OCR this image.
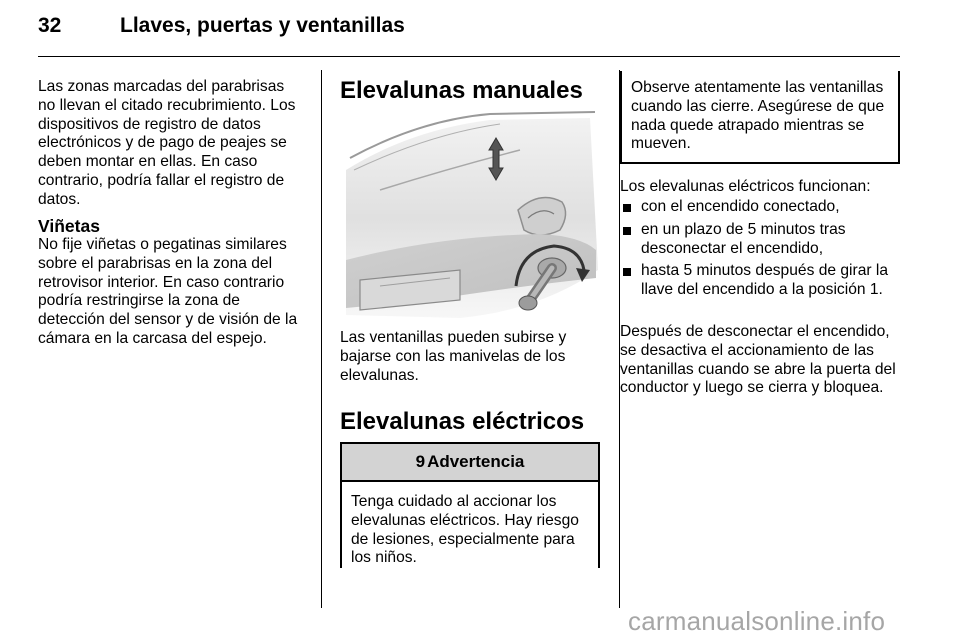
32	Llaves, puertas y ventanillas
Las zonas marcadas del parabrisas no llevan el citado recubrimiento. Los dispositivos de registro de datos electrónicos y de pago de peajes se deben montar en ellas. En caso contrario, podría fallar el registro de datos.
Viñetas
No fije viñetas o pegatinas similares sobre el parabrisas en la zona del retrovisor interior. En caso contrario podría restringirse la zona de detección del sensor y de visión de la cámara en la carcasa del espejo.
Elevalunas manuales
Las ventanillas pueden subirse y bajarse con las manivelas de los elevalunas.
Elevalunas eléctricos
9 Advertencia
Tenga cuidado al accionar los elevalunas eléctricos. Hay riesgo de lesiones, especialmente para los niños.
Observe atentamente las ventanillas cuando las cierre. Asegúrese de que nada quede atrapado mientras se mueven.
Los elevalunas eléctricos funcionan:
con el encendido conectado,
en un plazo de 5 minutos tras desconectar el encendido,
hasta 5 minutos después de girar la llave del encendido a la posición 1.
Después de desconectar el encendido, se desactiva el accionamiento de las ventanillas cuando se abre la puerta del conductor y luego se cierra y bloquea.
carmanualsonline.info
